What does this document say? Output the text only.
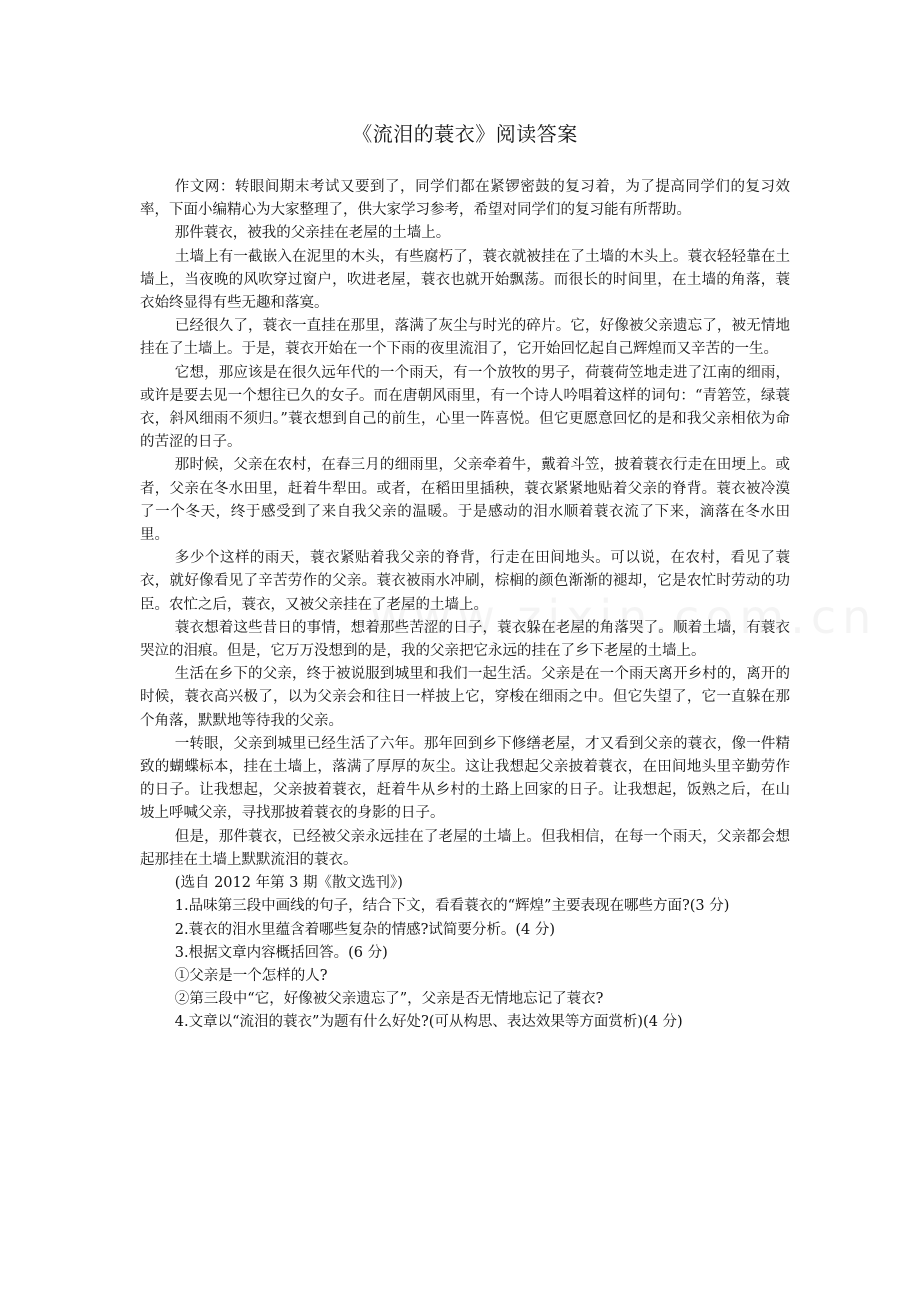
《流泪的蓑衣》阅读答案

作文网：转眼间期末考试又要到了，同学们都在紧锣密鼓的复习着，为了提高同学们的复习效率，下面小编精心为大家整理了，供大家学习参考，希望对同学们的复习能有所帮助。

那件蓑衣，被我的父亲挂在老屋的土墙上。

土墙上有一截嵌入在泥里的木头，有些腐朽了，蓑衣就被挂在了土墙的木头上。蓑衣轻轻靠在土墙上，当夜晚的风吹穿过窗户，吹进老屋，蓑衣也就开始飘荡。而很长的时间里，在土墙的角落，蓑衣始终显得有些无趣和落寞。

已经很久了，蓑衣一直挂在那里，落满了灰尘与时光的碎片。它，好像被父亲遗忘了，被无情地挂在了土墙上。于是，蓑衣开始在一个下雨的夜里流泪了，它开始回忆起自己辉煌而又辛苦的一生。

它想，那应该是在很久远年代的一个雨天，有一个放牧的男子，荷蓑荷笠地走进了江南的细雨，或许是要去见一个想往已久的女子。而在唐朝风雨里，有一个诗人吟唱着这样的词句：“青箬笠，绿蓑衣，斜风细雨不须归。”蓑衣想到自己的前生，心里一阵喜悦。但它更愿意回忆的是和我父亲相依为命的苦涩的日子。

那时候，父亲在农村，在春三月的细雨里，父亲牵着牛，戴着斗笠，披着蓑衣行走在田埂上。或者，父亲在冬水田里，赶着牛犁田。或者，在稻田里插秧，蓑衣紧紧地贴着父亲的脊背。蓑衣被冷漠了一个冬天，终于感受到了来自我父亲的温暖。于是感动的泪水顺着蓑衣流了下来，滴落在冬水田里。

多少个这样的雨天，蓑衣紧贴着我父亲的脊背，行走在田间地头。可以说，在农村，看见了蓑衣，就好像看见了辛苦劳作的父亲。蓑衣被雨水冲刷，棕榈的颜色渐渐的褪却，它是农忙时劳动的功臣。农忙之后，蓑衣，又被父亲挂在了老屋的土墙上。

蓑衣想着这些昔日的事情，想着那些苦涩的日子，蓑衣躲在老屋的角落哭了。顺着土墙，有蓑衣哭泣的泪痕。但是，它万万没想到的是，我的父亲把它永远的挂在了乡下老屋的土墙上。

生活在乡下的父亲，终于被说服到城里和我们一起生活。父亲是在一个雨天离开乡村的，离开的时候，蓑衣高兴极了，以为父亲会和往日一样披上它，穿梭在细雨之中。但它失望了，它一直躲在那个角落，默默地等待我的父亲。

一转眼，父亲到城里已经生活了六年。那年回到乡下修缮老屋，才又看到父亲的蓑衣，像一件精致的蝴蝶标本，挂在土墙上，落满了厚厚的灰尘。这让我想起父亲披着蓑衣，在田间地头里辛勤劳作的日子。让我想起，父亲披着蓑衣，赶着牛从乡村的土路上回家的日子。让我想起，饭熟之后，在山坡上呼喊父亲，寻找那披着蓑衣的身影的日子。

但是，那件蓑衣，已经被父亲永远挂在了老屋的土墙上。但我相信，在每一个雨天，父亲都会想起那挂在土墙上默默流泪的蓑衣。

(选自 2012 年第 3 期《散文选刊》)

1.品味第三段中画线的句子，结合下文，看看蓑衣的“辉煌”主要表现在哪些方面?(3 分)

2.蓑衣的泪水里蕴含着哪些复杂的情感?试简要分析。(4 分)

3.根据文章内容概括回答。(6 分)

①父亲是一个怎样的人?

②第三段中“它，好像被父亲遗忘了”，父亲是否无情地忘记了蓑衣?

4.文章以“流泪的蓑衣”为题有什么好处?(可从构思、表达效果等方面赏析)(4 分)
